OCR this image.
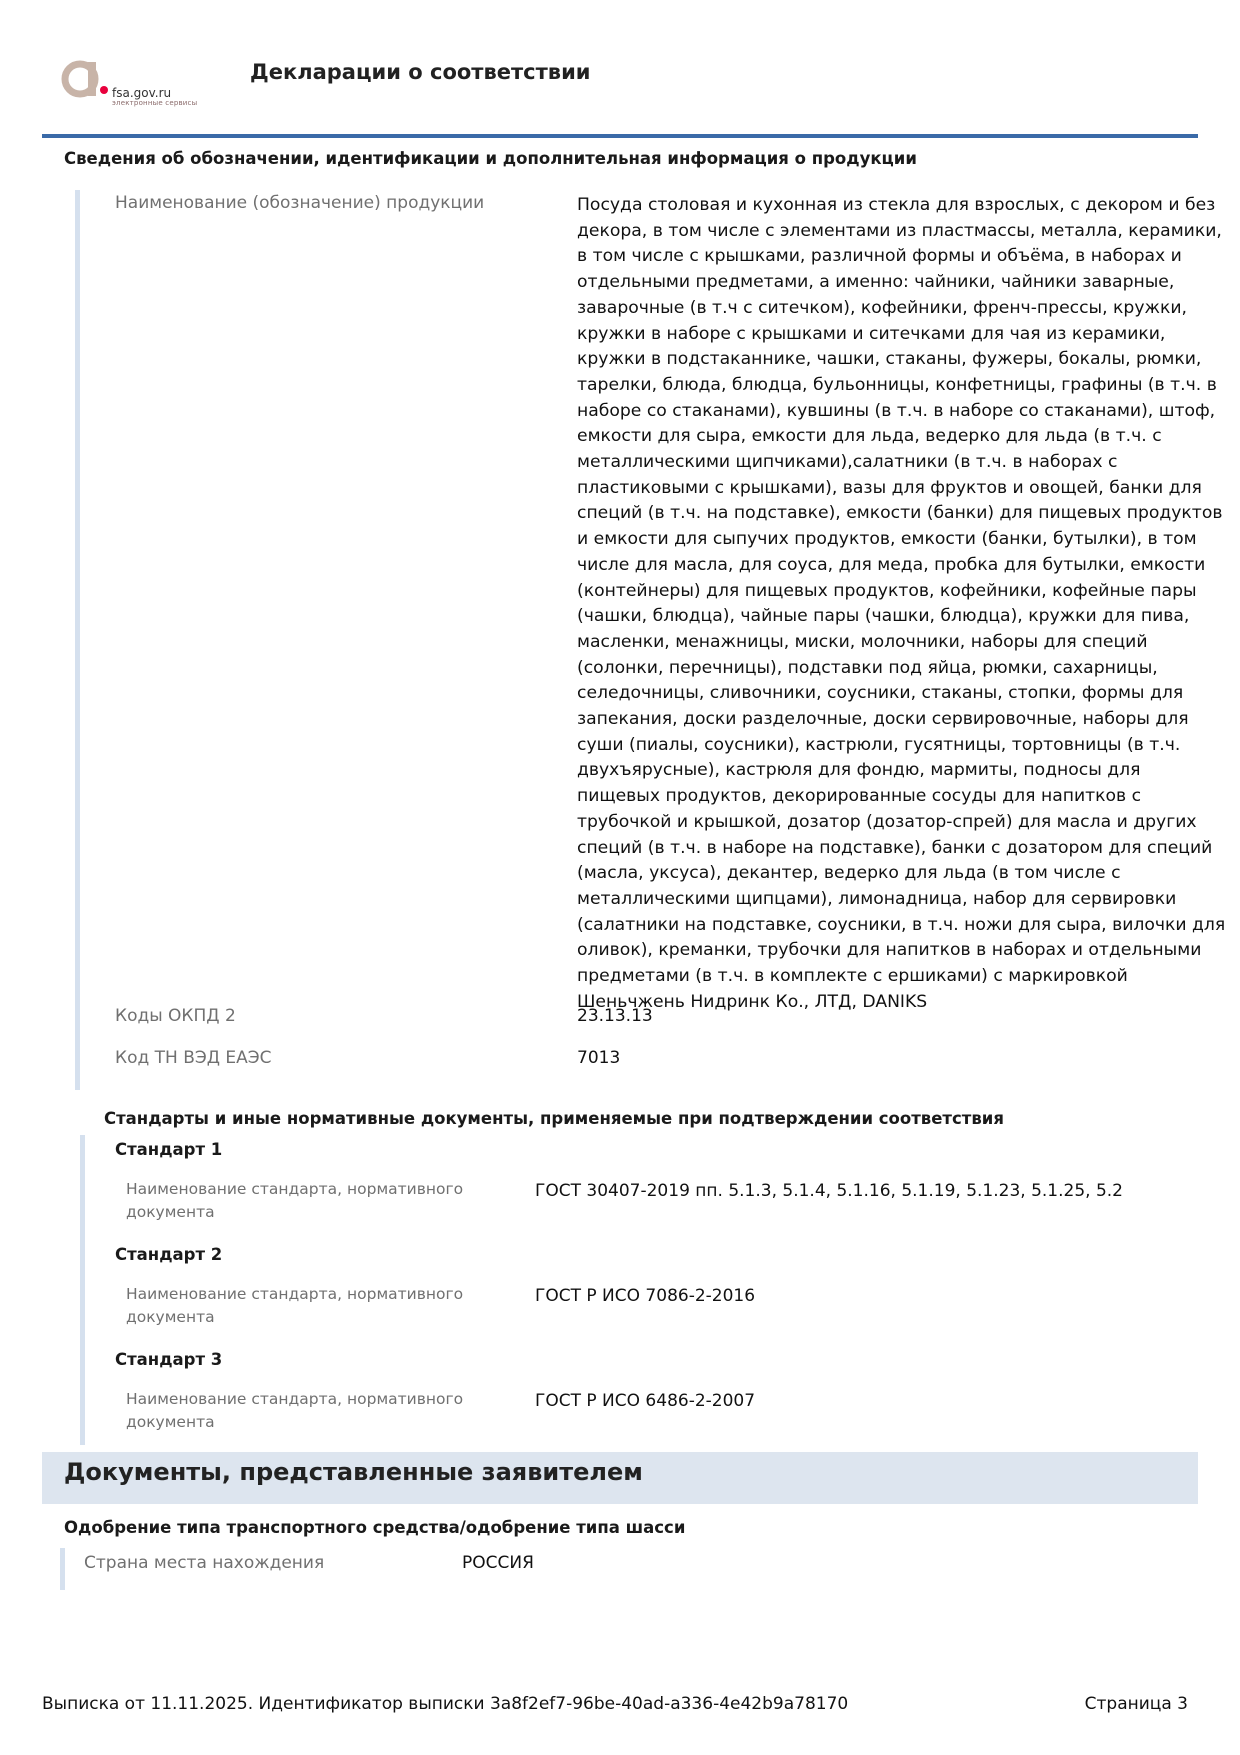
fsa.gov.ru
электронные сервисы
Декларации о соответствии
Сведения об обозначении, идентификации и дополнительная информация о продукции
Наименование (обозначение) продукции	Посуда столовая и кухонная из стекла для взрослых, с декором и без декора, в том числе с элементами из пластмассы, металла, керамики, в том числе с крышками, различной формы и объёма, в наборах и отдельными предметами, а именно: чайники, чайники заварные, заварочные (в т.ч с ситечком), кофейники, френч-прессы, кружки, кружки в наборе с крышками и ситечками для чая из керамики, кружки в подстаканнике, чашки, стаканы, фужеры, бокалы, рюмки, тарелки, блюда, блюдца, бульонницы, конфетницы, графины (в т.ч. в наборе со стаканами), кувшины (в т.ч. в наборе со стаканами), штоф, емкости для сыра, емкости для льда, ведерко для льда (в т.ч. с металлическими щипчиками),салатники (в т.ч. в наборах с пластиковыми с крышками), вазы для фруктов и овощей, банки для специй (в т.ч. на подставке), емкости (банки) для пищевых продуктов и емкости для сыпучих продуктов, емкости (банки, бутылки), в том числе для масла, для соуса, для меда, пробка для бутылки, емкости (контейнеры) для пищевых продуктов, кофейники, кофейные пары (чашки, блюдца), чайные пары (чашки, блюдца), кружки для пива, масленки, менажницы, миски, молочники, наборы для специй (солонки, перечницы), подставки под яйца, рюмки, сахарницы, селедочницы, сливочники, соусники, стаканы, стопки, формы для запекания, доски разделочные, доски сервировочные, наборы для суши (пиалы, соусники), кастрюли, гусятницы, тортовницы (в т.ч. двухъярусные), кастрюля для фондю, мармиты, подносы для пищевых продуктов, декорированные сосуды для напитков с трубочкой и крышкой, дозатор (дозатор-спрей) для масла и других специй (в т.ч. в наборе на подставке), банки с дозатором для специй (масла, уксуса), декантер, ведерко для льда (в том числе с металлическими щипцами), лимонадница, набор для сервировки (салатники на подставке, соусники, в т.ч. ножи для сыра, вилочки для оливок), креманки, трубочки для напитков в наборах и отдельными предметами (в т.ч. в комплекте с ершиками) с маркировкой Шеньчжень Нидринк Ко., ЛТД, DANIKS
Коды ОКПД 2	23.13.13
Код ТН ВЭД ЕАЭС	7013
Стандарты и иные нормативные документы, применяемые при подтверждении соответствия
Стандарт 1
Наименование стандарта, нормативного документа
ГОСТ 30407-2019 пп. 5.1.3, 5.1.4, 5.1.16, 5.1.19, 5.1.23, 5.1.25, 5.2
Стандарт 2
Наименование стандарта, нормативного документа
ГОСТ Р ИСО 7086-2-2016
Стандарт 3
Наименование стандарта, нормативного документа
ГОСТ Р ИСО 6486-2-2007
Документы, представленные заявителем
Одобрение типа транспортного средства/одобрение типа шасси
Страна места нахождения	РОССИЯ
Выписка от 11.11.2025. Идентификатор выписки 3a8f2ef7-96be-40ad-a336-4e42b9a78170	Страница 3
